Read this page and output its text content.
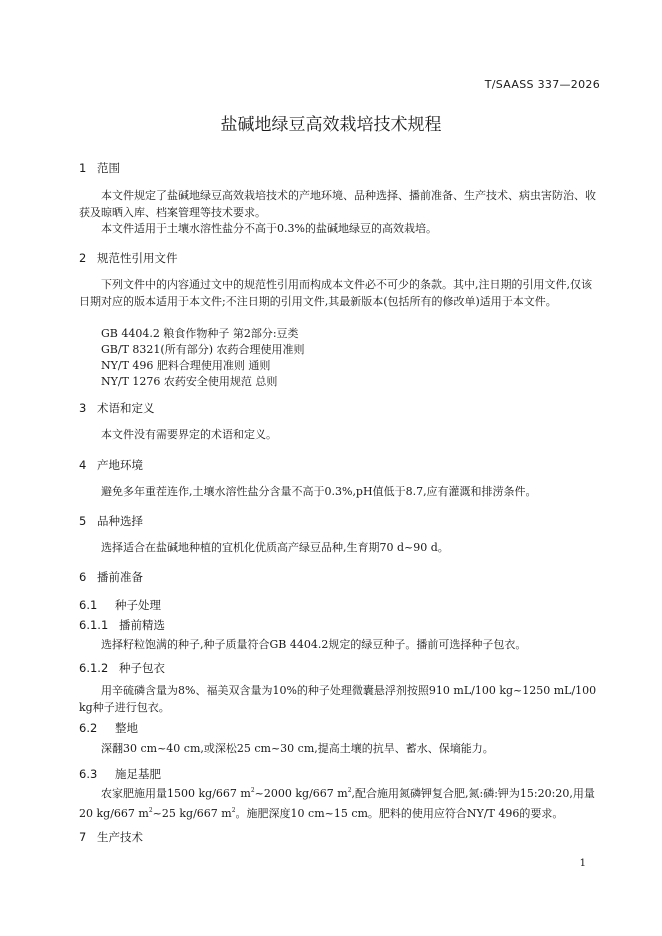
T/SAASS 337—2026
盐碱地绿豆高效栽培技术规程
1 范围
本文件规定了盐碱地绿豆高效栽培技术的产地环境、品种选择、播前准备、生产技术、病虫害防治、收获及晾晒入库、档案管理等技术要求。
本文件适用于土壤水溶性盐分不高于0.3%的盐碱地绿豆的高效栽培。
2 规范性引用文件
下列文件中的内容通过文中的规范性引用而构成本文件必不可少的条款。其中,注日期的引用文件,仅该日期对应的版本适用于本文件;不注日期的引用文件,其最新版本(包括所有的修改单)适用于本文件。
GB 4404.2 粮食作物种子 第2部分:豆类
GB/T 8321(所有部分) 农药合理使用准则
NY/T 496 肥料合理使用准则 通则
NY/T 1276 农药安全使用规范 总则
3 术语和定义
本文件没有需要界定的术语和定义。
4 产地环境
避免多年重茬连作,土壤水溶性盐分含量不高于0.3%,pH值低于8.7,应有灌溉和排涝条件。
5 品种选择
选择适合在盐碱地种植的宜机化优质高产绿豆品种,生育期70 d~90 d。
6 播前准备
6.1 种子处理
6.1.1 播前精选
选择籽粒饱满的种子,种子质量符合GB 4404.2规定的绿豆种子。播前可选择种子包衣。
6.1.2 种子包衣
用辛硫磷含量为8%、福美双含量为10%的种子处理微囊悬浮剂按照910 mL/100 kg~1250 mL/100 kg种子进行包衣。
6.2 整地
深翻30 cm~40 cm,或深松25 cm~30 cm,提高土壤的抗旱、蓄水、保墒能力。
6.3 施足基肥
农家肥施用量1500 kg/667 $m^2\sim 2000$ kg/667 $m^2$,配合施用氮磷钾复合肥,氮:磷:钾为15:20:20,用量20 kg/667 $m^2\sim 25$ kg/667 $m^2$。施肥深度10 cm~15 cm。肥料的使用应符合NY/T 496的要求。
7 生产技术
1
